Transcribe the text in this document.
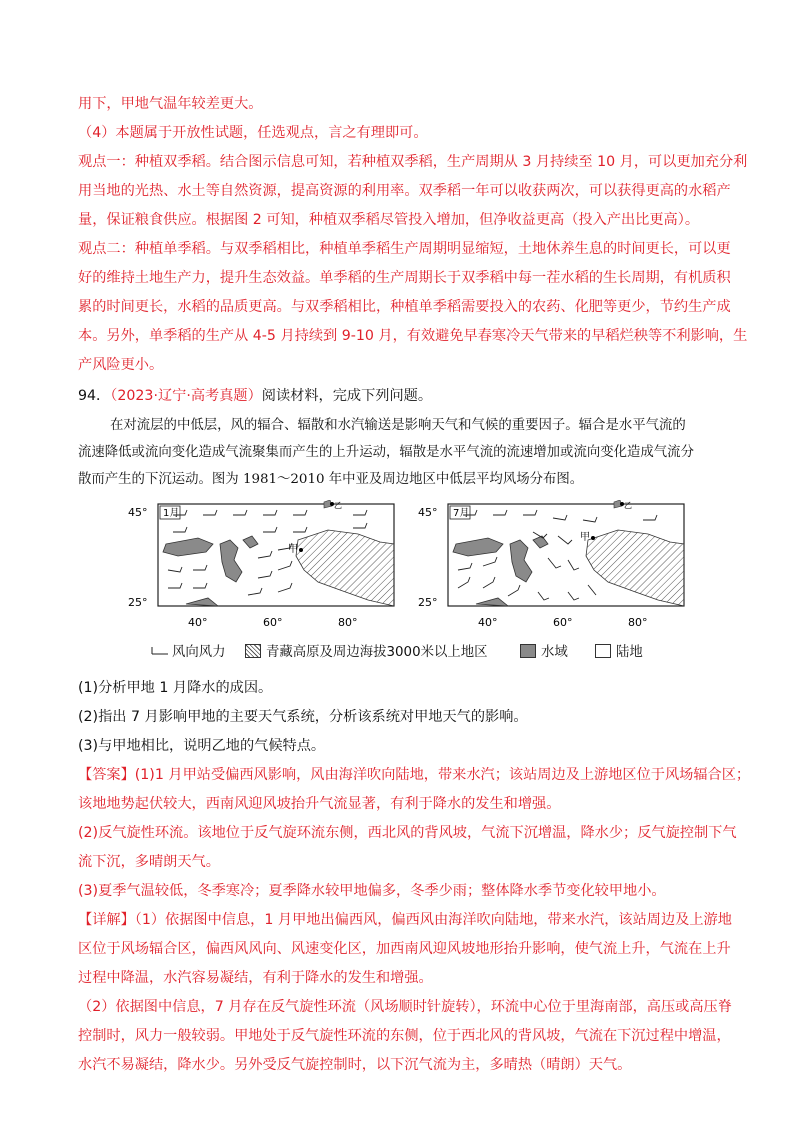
用下，甲地气温年较差更大。
（4）本题属于开放性试题，任选观点，言之有理即可。
观点一：种植双季稻。结合图示信息可知，若种植双季稻，生产周期从 3 月持续至 10 月，可以更加充分利
用当地的光热、水土等自然资源，提高资源的利用率。双季稻一年可以收获两次，可以获得更高的水稻产
量，保证粮食供应。根据图 2 可知，种植双季稻尽管投入增加，但净收益更高（投入产出比更高）。
观点二：种植单季稻。与双季稻相比，种植单季稻生产周期明显缩短，土地休养生息的时间更长，可以更
好的维持土地生产力，提升生态效益。单季稻的生产周期长于双季稻中每一茬水稻的生长周期，有机质积
累的时间更长，水稻的品质更高。与双季稻相比，种植单季稻需要投入的农药、化肥等更少，节约生产成
本。另外，单季稻的生产从 4-5 月持续到 9-10 月，有效避免早春寒冷天气带来的早稻烂秧等不利影响，生
产风险更小。
94．（2023·辽宁·高考真题）阅读材料，完成下列问题。
在对流层的中低层，风的辐合、辐散和水汽输送是影响天气和气候的重要因子。辐合是水平气流的
流速降低或流向变化造成气流聚集而产生的上升运动，辐散是水平气流的流速增加或流向变化造成气流分
散而产生的下沉运动。图为 1981～2010 年中亚及周边地区中低层平均风场分布图。
1月
甲
乙
45°
25°
40°	60°	80°
7月
甲
乙
45°
25°
40°	60°	80°
风向风力	青藏高原及周边海拔3000米以上地区	水域	陆地
(1)分析甲地 1 月降水的成因。
(2)指出 7 月影响甲地的主要天气系统，分析该系统对甲地天气的影响。
(3)与甲地相比，说明乙地的气候特点。
【答案】(1)1 月甲站受偏西风影响，风由海洋吹向陆地，带来水汽；该站周边及上游地区位于风场辐合区；
该地地势起伏较大，西南风迎风坡抬升气流显著，有利于降水的发生和增强。
(2)反气旋性环流。该地位于反气旋环流东侧，西北风的背风坡，气流下沉增温，降水少；反气旋控制下气
流下沉，多晴朗天气。
(3)夏季气温较低，冬季寒冷；夏季降水较甲地偏多，冬季少雨；整体降水季节变化较甲地小。
【详解】（1）依据图中信息，1 月甲地出偏西风，偏西风由海洋吹向陆地，带来水汽，该站周边及上游地
区位于风场辐合区，偏西风风向、风速变化区，加西南风迎风坡地形抬升影响，使气流上升，气流在上升
过程中降温，水汽容易凝结，有利于降水的发生和增强。
（2）依据图中信息，7 月存在反气旋性环流（风场顺时针旋转），环流中心位于里海南部，高压或高压脊
控制时，风力一般较弱。甲地处于反气旋性环流的东侧，位于西北风的背风坡，气流在下沉过程中增温，
水汽不易凝结，降水少。另外受反气旋控制时，以下沉气流为主，多晴热（晴朗）天气。
